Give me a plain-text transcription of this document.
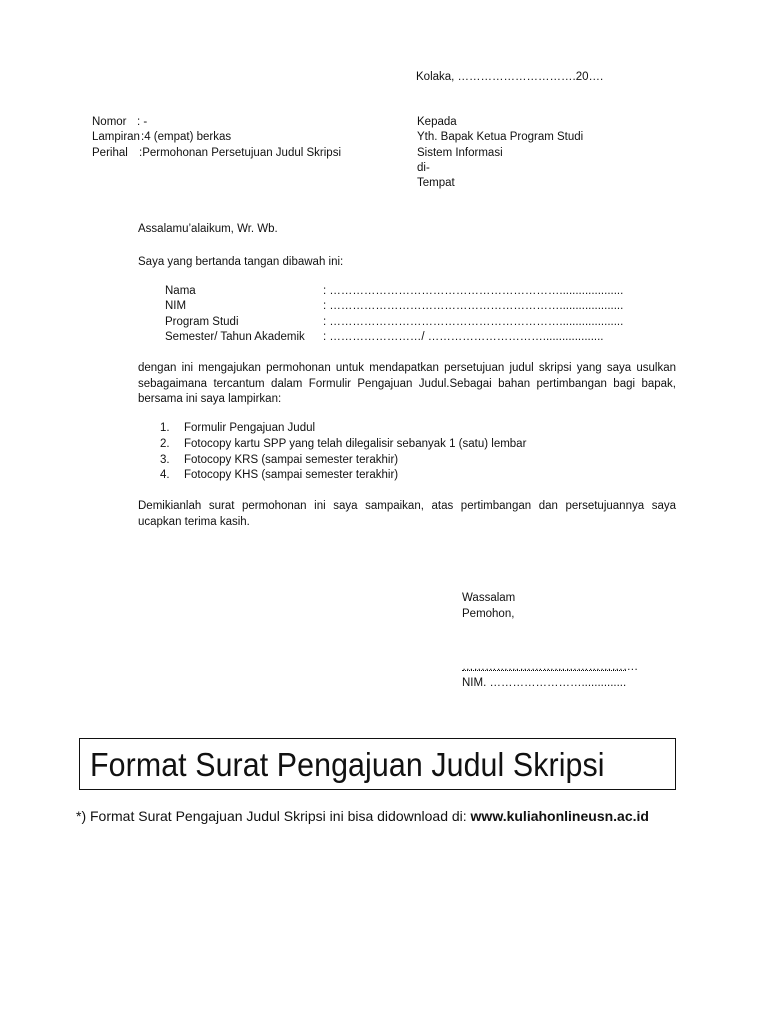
Kolaka, ………………………….20….
Nomor : -
Lampiran :4 (empat) berkas
Perihal :Permohonan Persetujuan Judul Skripsi
Kepada
Yth. Bapak Ketua Program Studi
Sistem Informasi
di-
Tempat
Assalamu’alaikum, Wr. Wb.
Saya yang bertanda tangan dibawah ini:
Nama	: ……………………………………………………....................
NIM	: ……………………………………………………....................
Program Studi	: ……………………………………………………....................
Semester/ Tahun Akademik : ……………………/ …………………………...................
dengan ini mengajukan permohonan untuk mendapatkan persetujuan judul skripsi yang saya usulkan
sebagaimana tercantum dalam Formulir Pengajuan Judul.Sebagai bahan pertimbangan bagi bapak,
bersama ini saya lampirkan:
1. Formulir Pengajuan Judul
2. Fotocopy kartu SPP yang telah dilegalisir sebanyak 1 (satu) lembar
3. Fotocopy KRS (sampai semester terakhir)
4. Fotocopy KHS (sampai semester terakhir)
Demikianlah surat permohonan ini saya sampaikan, atas pertimbangan dan persetujuannya saya
ucapkan terima kasih.
Wassalam
Pemohon,
……………………………………….
NIM. ……………………..............
Format Surat Pengajuan Judul Skripsi
*) Format Surat Pengajuan Judul Skripsi ini bisa didownload di: www.kuliahonlineusn.ac.id
